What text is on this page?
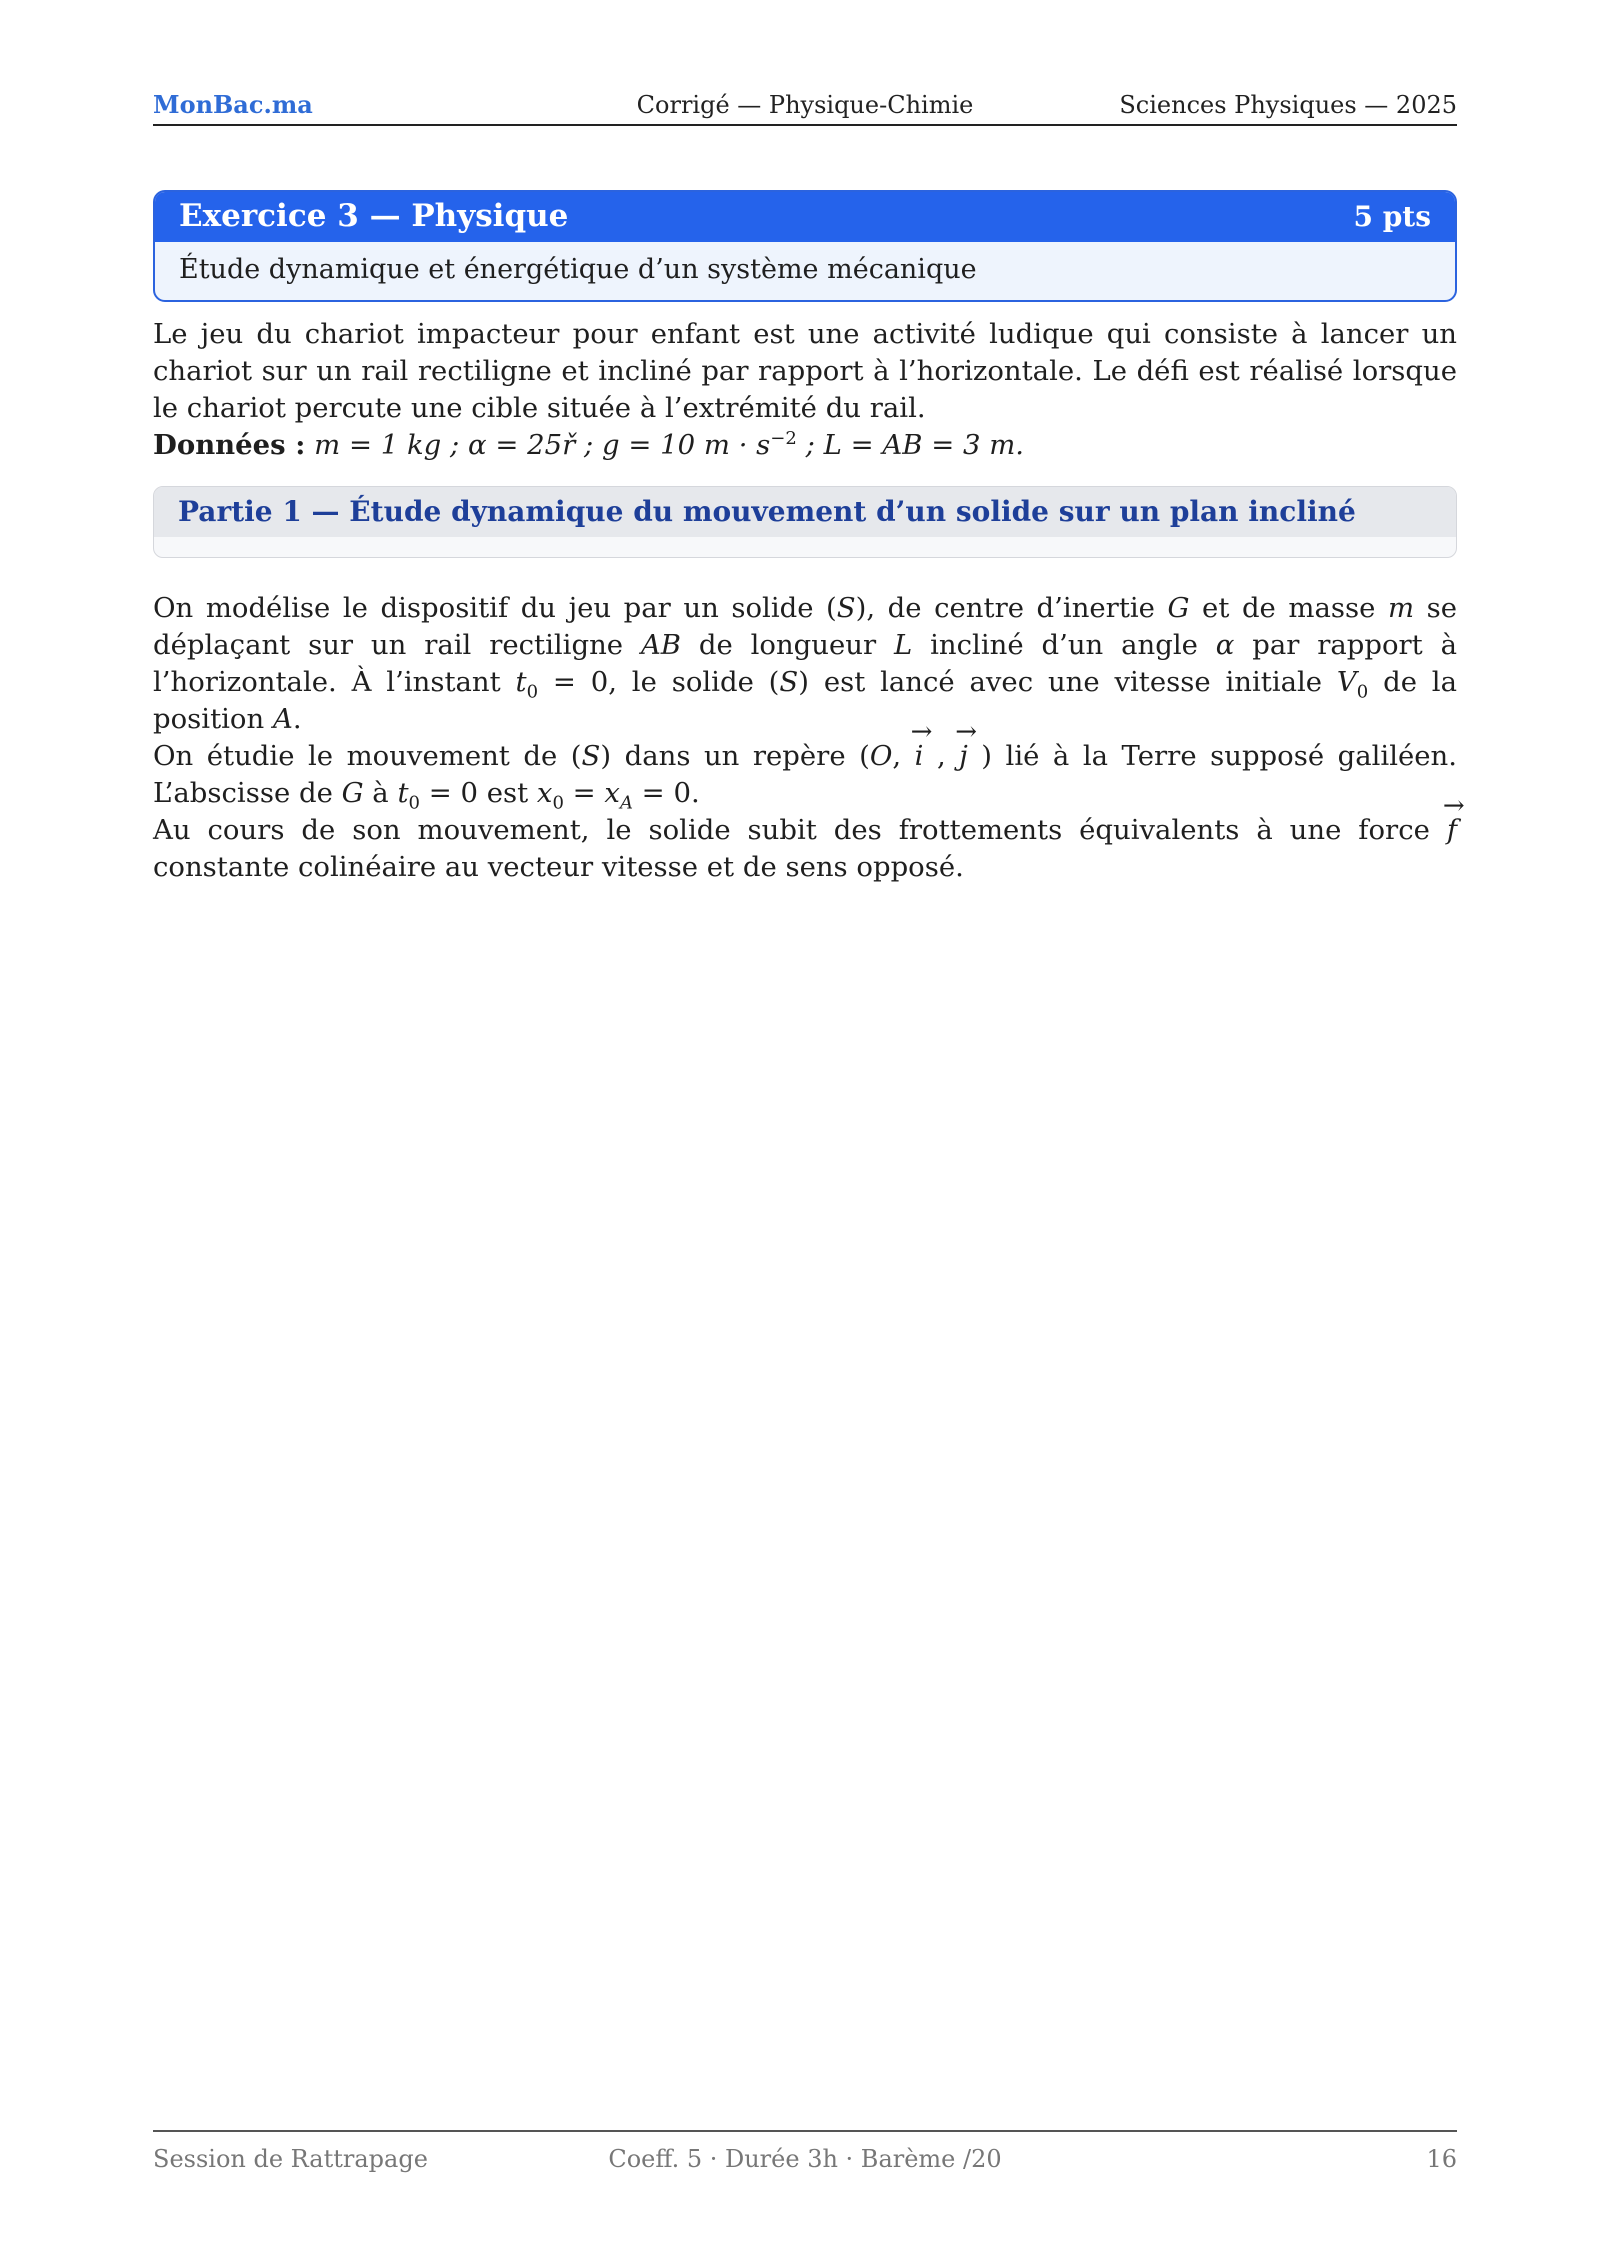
Corrigé — Physique-Chimie
MonBac.ma	Sciences Physiques — 2025
Exercice 3 — Physique	5 pts
Étude dynamique et énergétique d’un système mécanique

Le jeu du chariot impacteur pour enfant est une activité ludique qui consiste à lancer un chariot sur un rail rectiligne et incliné par rapport à l’horizontale. Le défi est réalisé lorsque le chariot percute une cible située à l’extrémité du rail.
Données : m = 1 kg ; α = 25ř ; g = 10 $m \cdot s^{-2}$ ; L = AB = 3 m.

Partie 1 — Étude dynamique du mouvement d’un solide sur un plan incliné

On modélise le dispositif du jeu par un solide (S), de centre d’inertie G et de masse m se déplaçant sur un rail rectiligne AB de longueur L incliné d’un angle α par rapport à l’horizontale. À l’instant $t_0 = 0$, le solide (S) est lancé avec une vitesse initiale $V_0$ de la position A.
On étudie le mouvement de (S) dans un repère (O, → i , → j ) lié à la Terre supposé galiléen. L’abscisse de G à $t_0 = 0$ est $x_0 = x_A = 0$.
Au cours de son mouvement, le solide subit des frottements équivalents à une force → f constante colinéaire au vecteur vitesse et de sens opposé.

Coeff. 5 · Durée 3h · Barème /20
Session de Rattrapage	16
